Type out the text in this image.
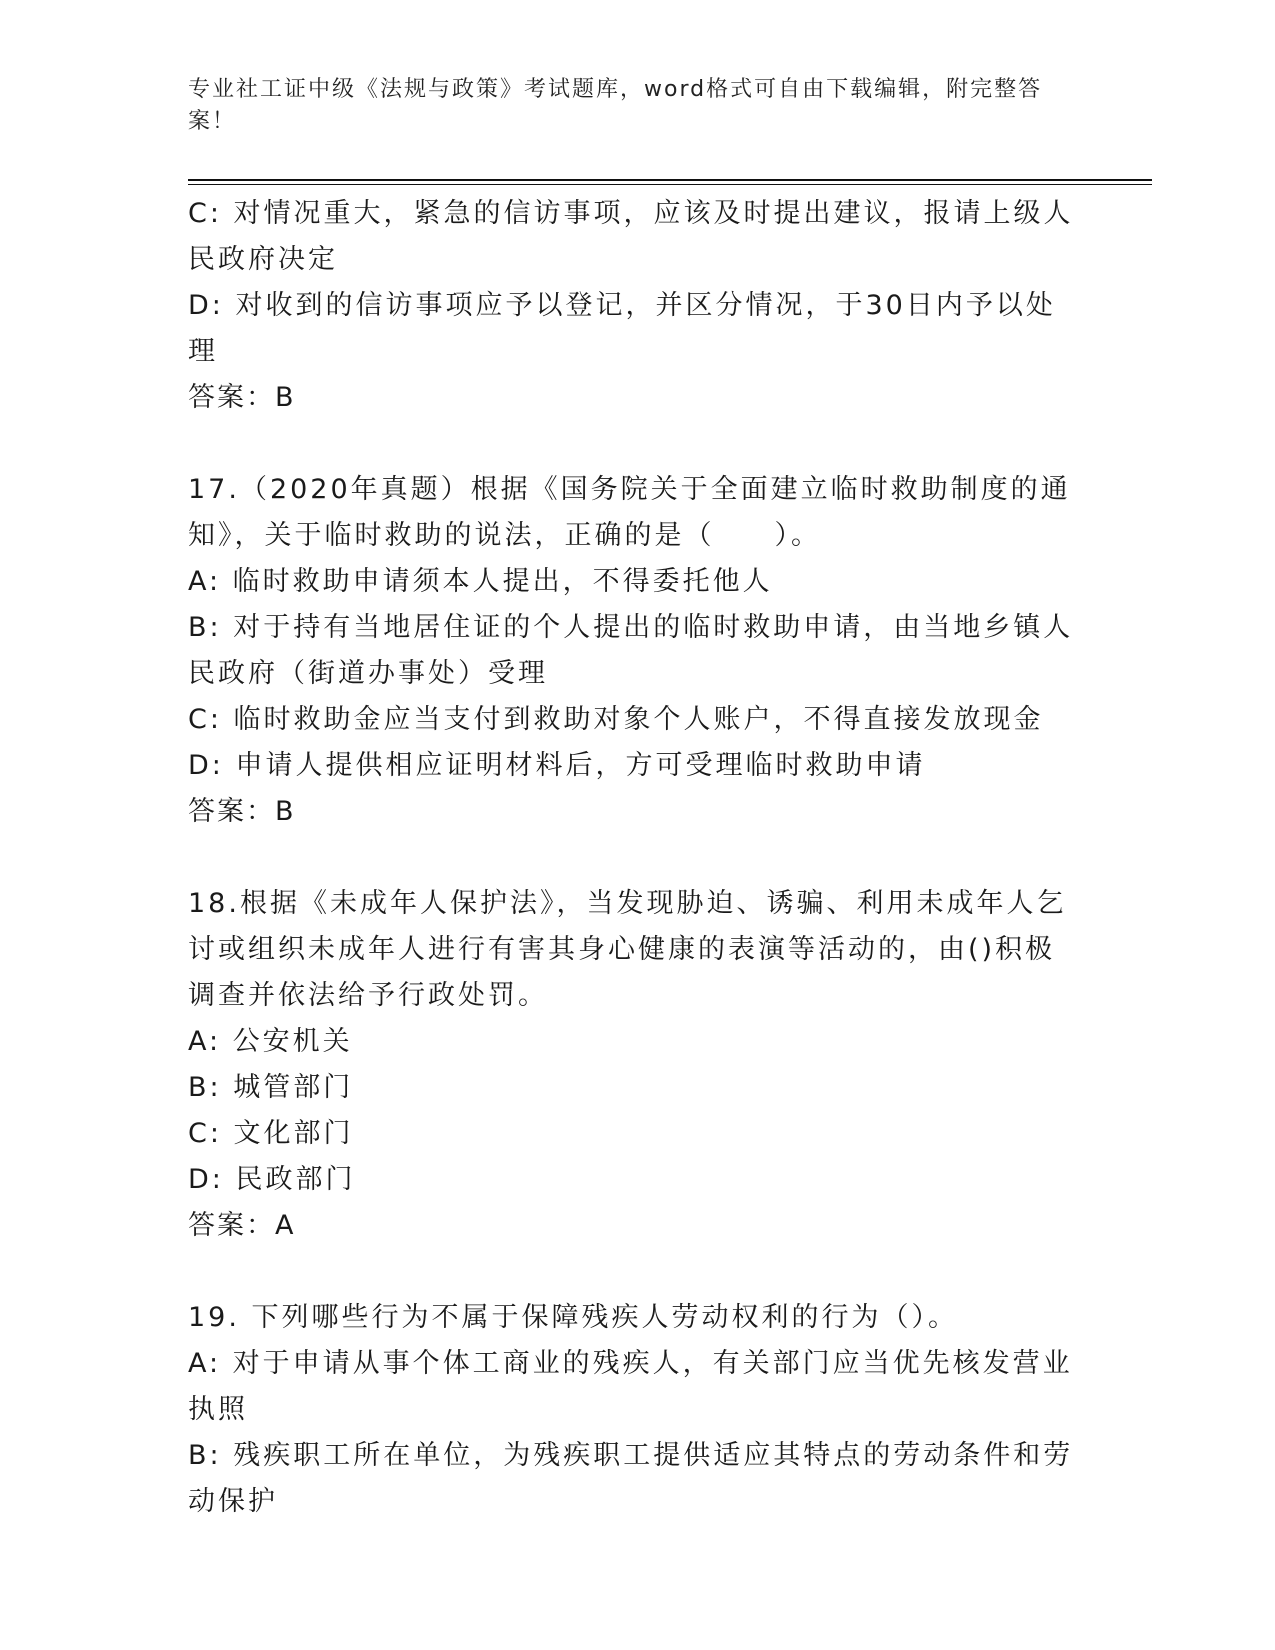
专业社工证中级《法规与政策》考试题库，word格式可自由下载编辑，附完整答案！

C: 对情况重大，紧急的信访事项，应该及时提出建议，报请上级人民政府决定

D: 对收到的信访事项应予以登记，并区分情况，于30日内予以处理

答案：B

17.（2020年真题）根据《国务院关于全面建立临时救助制度的通知》，关于临时救助的说法，正确的是（　　）。

A: 临时救助申请须本人提出，不得委托他人

B: 对于持有当地居住证的个人提出的临时救助申请，由当地乡镇人民政府（街道办事处）受理

C: 临时救助金应当支付到救助对象个人账户，不得直接发放现金

D: 申请人提供相应证明材料后，方可受理临时救助申请

答案：B

18.根据《未成年人保护法》，当发现胁迫、诱骗、利用未成年人乞讨或组织未成年人进行有害其身心健康的表演等活动的，由()积极调查并依法给予行政处罚。

A: 公安机关

B: 城管部门

C: 文化部门

D: 民政部门

答案：A

19. 下列哪些行为不属于保障残疾人劳动权利的行为（）。

A: 对于申请从事个体工商业的残疾人，有关部门应当优先核发营业执照

B: 残疾职工所在单位，为残疾职工提供适应其特点的劳动条件和劳动保护
